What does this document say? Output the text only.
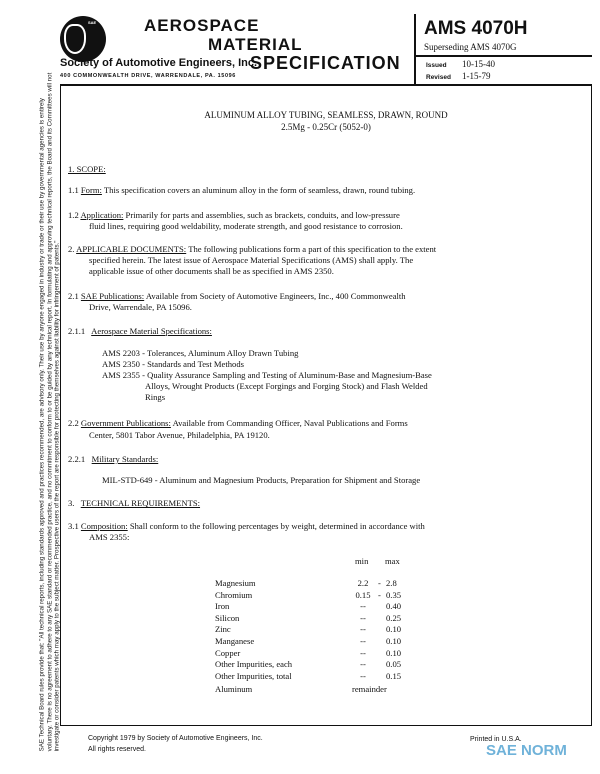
SAE	AEROSPACE
MATERIAL
SPECIFICATION
Society of Automotive Engineers, Inc.
400 COMMONWEALTH DRIVE, WARRENDALE, PA. 15096
AMS 4070H
Superseding AMS 4070G
Issued 10-15-40
Revised 1-15-79
SAE Technical Board rules provide that: "All technical reports, including standards approved and practices recommended, are advisory only. Their use by anyone engaged in industry or trade or their use by governmental agencies is entirely voluntary. There is no agreement to adhere to any SAE standard or recommended practice, and no commitment to conform to or be guided by any technical report. In formulating and approving technical reports, the Board and its Committees will not investigate or consider patents which may apply to the subject matter. Prospective users of the report are responsible for protecting themselves against liability for infringement of patents."
ALUMINUM ALLOY TUBING, SEAMLESS, DRAWN, ROUND
2.5Mg - 0.25Cr (5052-0)
1. SCOPE:
1.1 Form: This specification covers an aluminum alloy in the form of seamless, drawn, round tubing.
1.2 Application: Primarily for parts and assemblies, such as brackets, conduits, and low-pressure
fluid lines, requiring good weldability, moderate strength, and good resistance to corrosion.
2. APPLICABLE DOCUMENTS: The following publications form a part of this specification to the extent
specified herein. The latest issue of Aerospace Material Specifications (AMS) shall apply. The
applicable issue of other documents shall be as specified in AMS 2350.
2.1 SAE Publications: Available from Society of Automotive Engineers, Inc., 400 Commonwealth
Drive, Warrendale, PA 15096.
2.1.1 Aerospace Material Specifications:
AMS 2203 - Tolerances, Aluminum Alloy Drawn Tubing
AMS 2350 - Standards and Test Methods
AMS 2355 - Quality Assurance Sampling and Testing of Aluminum-Base and Magnesium-Base
Alloys, Wrought Products (Except Forgings and Forging Stock) and Flash Welded
Rings
2.2 Government Publications: Available from Commanding Officer, Naval Publications and Forms
Center, 5801 Tabor Avenue, Philadelphia, PA 19120.
2.2.1 Military Standards:
MIL-STD-649 - Aluminum and Magnesium Products, Preparation for Shipment and Storage
3. TECHNICAL REQUIREMENTS:
3.1 Composition: Shall conform to the following percentages by weight, determined in accordance with
AMS 2355:
min max
Magnesium	2.2	- 2.8
Chromium	0.15 - 0.35
Iron	--	0.40
Silicon	--	0.25
Zinc	--	0.10
Manganese	--	0.10
Copper	--	0.10
Other Impurities, each	--	0.05
Other Impurities, total	--	0.15
Aluminum	remainder
Copyright 1979 by Society of Automotive Engineers, Inc.
All rights reserved.
Printed in U.S.A.
SAE NORM
